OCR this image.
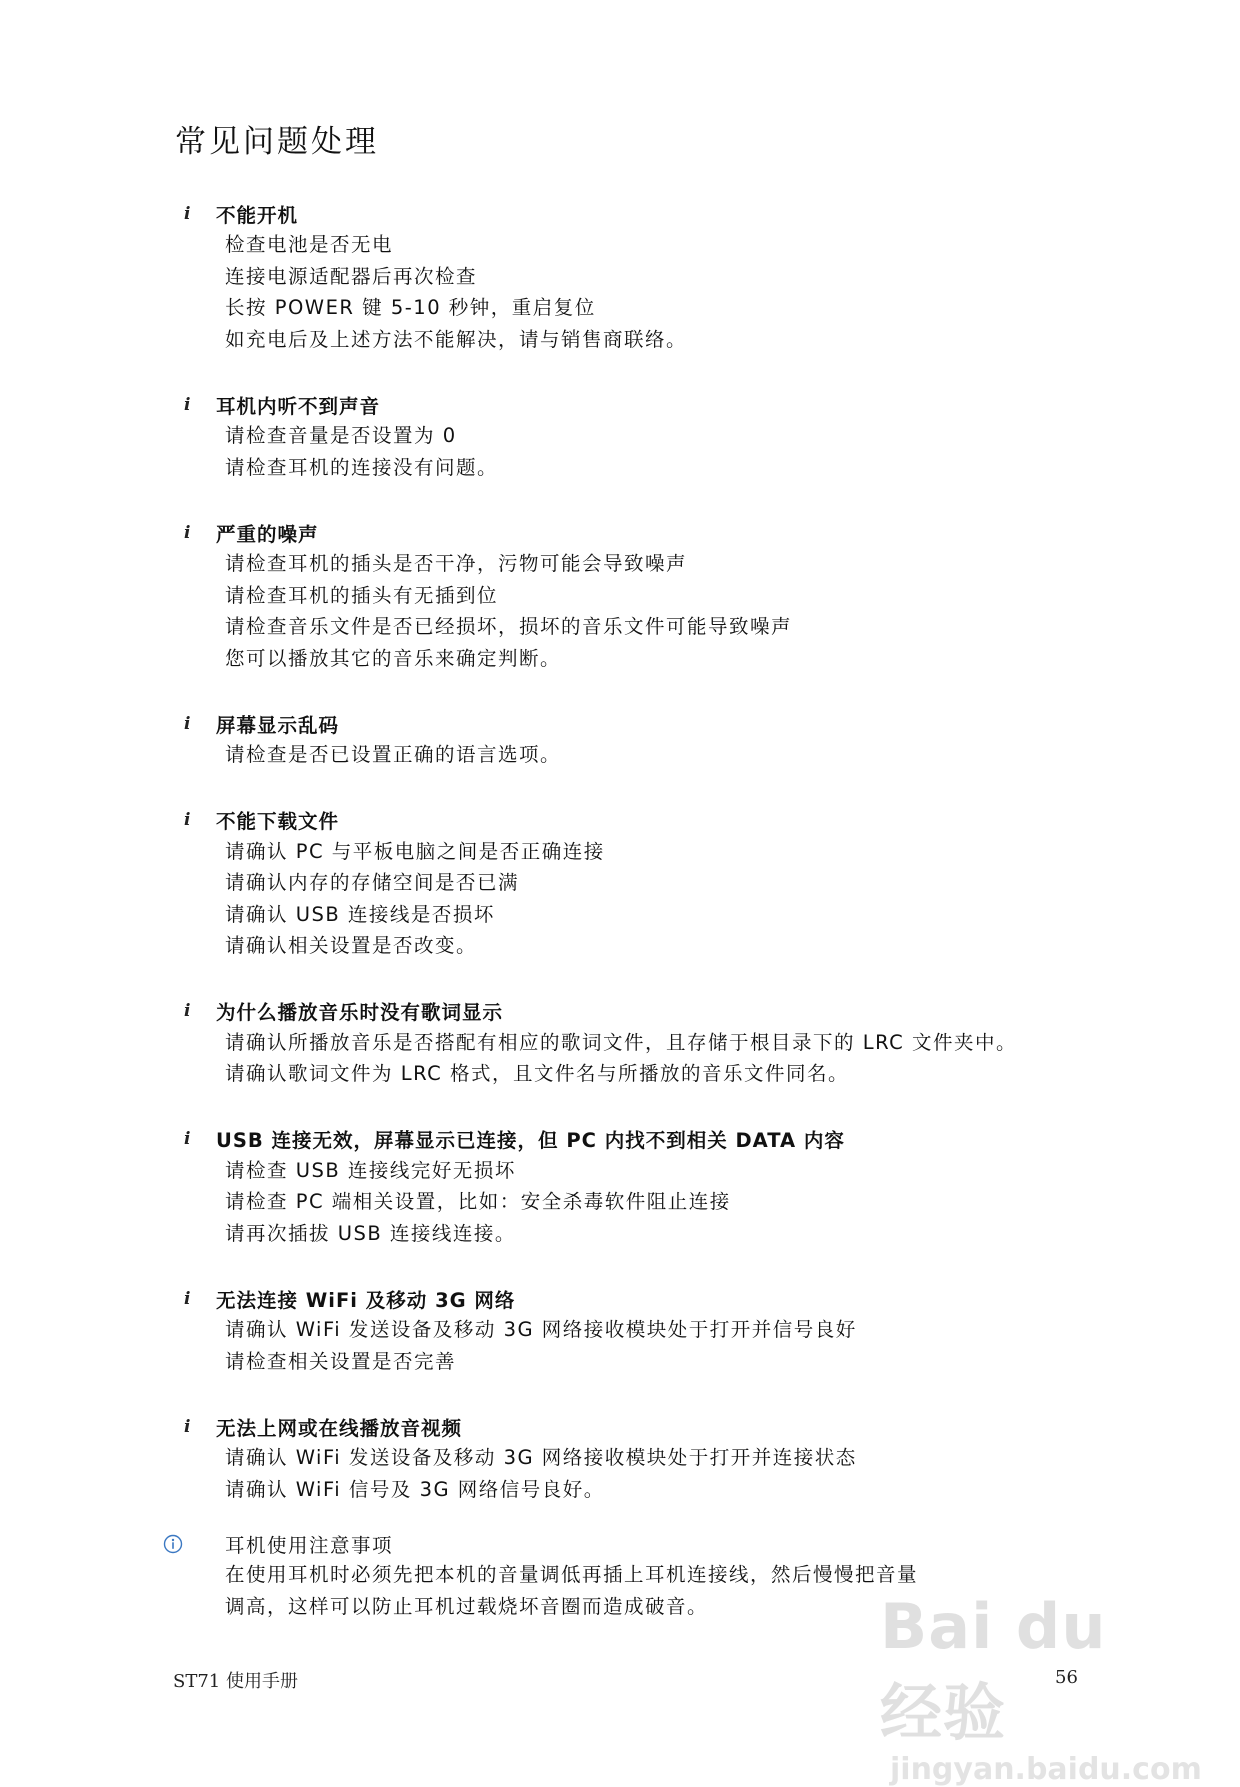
常见问题处理
i	不能开机
检查电池是否无电
连接电源适配器后再次检查
长按 POWER 键 5-10 秒钟，重启复位
如充电后及上述方法不能解决，请与销售商联络。
i	耳机内听不到声音
请检查音量是否设置为 0
请检查耳机的连接没有问题。
i	严重的噪声
请检查耳机的插头是否干净，污物可能会导致噪声
请检查耳机的插头有无插到位
请检查音乐文件是否已经损坏，损坏的音乐文件可能导致噪声
您可以播放其它的音乐来确定判断。
i	屏幕显示乱码
请检查是否已设置正确的语言选项。
i	不能下载文件
请确认 PC 与平板电脑之间是否正确连接
请确认内存的存储空间是否已满
请确认 USB 连接线是否损坏
请确认相关设置是否改变。
i	为什么播放音乐时没有歌词显示
请确认所播放音乐是否搭配有相应的歌词文件，且存储于根目录下的 LRC 文件夹中。
请确认歌词文件为 LRC 格式，且文件名与所播放的音乐文件同名。
i	USB 连接无效，屏幕显示已连接，但 PC 内找不到相关 DATA 内容
请检查 USB 连接线完好无损坏
请检查 PC 端相关设置，比如：安全杀毒软件阻止连接
请再次插拔 USB 连接线连接。
i	无法连接 WiFi 及移动 3G 网络
请确认 WiFi 发送设备及移动 3G 网络接收模块处于打开并信号良好
请检查相关设置是否完善
i	无法上网或在线播放音视频
请确认 WiFi 发送设备及移动 3G 网络接收模块处于打开并连接状态
请确认 WiFi 信号及 3G 网络信号良好。
耳机使用注意事项
在使用耳机时必须先把本机的音量调低再插上耳机连接线，然后慢慢把音量
调高，这样可以防止耳机过载烧坏音圈而造成破音。
ST71 使用手册	56
Bai du 经验
jingyan.baidu.com
